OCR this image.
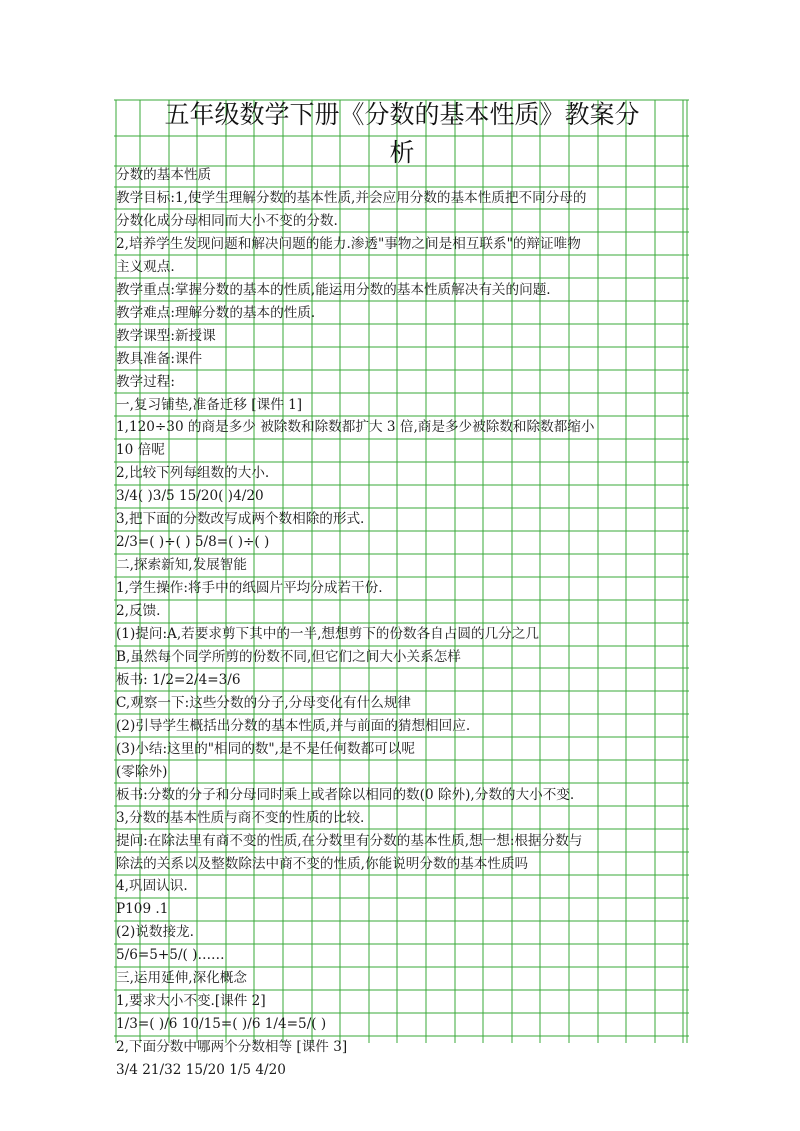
五年级数学下册《分数的基本性质》教案分
析
分数的基本性质
教学目标:1,使学生理解分数的基本性质,并会应用分数的基本性质把不同分母的
分数化成分母相同而大小不变的分数.
2,培养学生发现问题和解决问题的能力.渗透"事物之间是相互联系"的辩证唯物
主义观点.
教学重点:掌握分数的基本的性质,能运用分数的基本性质解决有关的问题.
教学难点:理解分数的基本的性质.
教学课型:新授课
教具准备:课件
教学过程:
一,复习铺垫,准备迁移 [课件 1]
1,120÷30 的商是多少 被除数和除数都扩大 3 倍,商是多少被除数和除数都缩小
10 倍呢
2,比较下列每组数的大小.
3/4( )3/5 15/20( )4/20
3,把下面的分数改写成两个数相除的形式.
2/3=( )÷( ) 5/8=( )÷( )
二,探索新知,发展智能
1,学生操作:将手中的纸圆片平均分成若干份.
2,反馈.
(1)提问:A,若要求剪下其中的一半,想想剪下的份数各自占圆的几分之几
B,虽然每个同学所剪的份数不同,但它们之间大小关系怎样
板书: 1/2=2/4=3/6
C,观察一下:这些分数的分子,分母变化有什么规律
(2)引导学生概括出分数的基本性质,并与前面的猜想相回应.
(3)小结:这里的"相同的数",是不是任何数都可以呢
(零除外)
板书:分数的分子和分母同时乘上或者除以相同的数(0 除外),分数的大小不变.
3,分数的基本性质与商不变的性质的比较.
提问:在除法里有商不变的性质,在分数里有分数的基本性质,想一想:根据分数与
除法的关系以及整数除法中商不变的性质,你能说明分数的基本性质吗
4,巩固认识.
P109 .1
(2)说数接龙.
5/6=5+5/( )……
三,运用延伸,深化概念
1,要求大小不变.[课件 2]
1/3=( )/6 10/15=( )/6 1/4=5/( )
2,下面分数中哪两个分数相等 [课件 3]
3/4 21/32 15/20 1/5 4/20
